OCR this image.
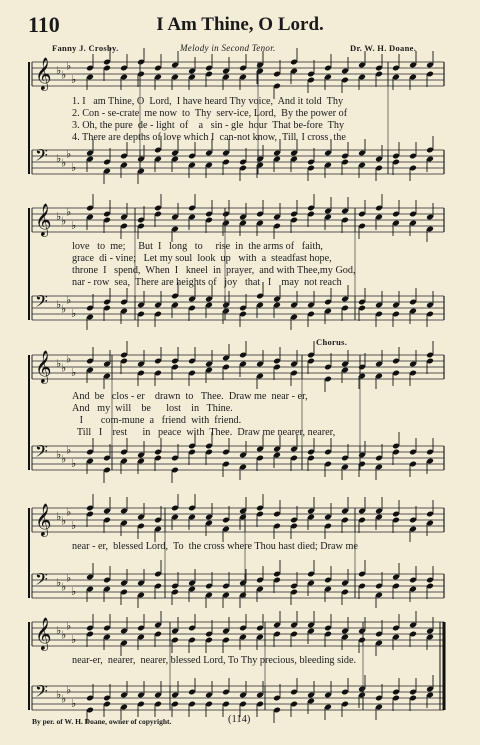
110	I Am Thine, O Lord.
Fanny J. Crosby.	Melody in Second Tenor.	Dr. W. H. Doane.
𝄞 ♭ ♭
♭
♭
𝄢 ♭ ♭
♭
♭
𝄞 ♭ ♭
♭
♭
𝄢 ♭ ♭
♭
♭
𝄞 ♭ ♭
♭
♭
𝄢 ♭ ♭
♭
♭
𝄞 ♭ ♭
♭
♭
𝄢 ♭ ♭
♭
♭
𝄞 ♭ ♭
♭
♭
𝄢 ♭ ♭
♭
♭
1. I   am Thine, O  Lord,  I have heard Thy voice,  And it told  Thy
2. Con - se-crate  me now  to  Thy  serv-ice, Lord,  By the power of
3. Oh, the pure  de - light  of    a   sin - gle  hour  That be-fore  Thy
4. There are depths of love which I  can-not know,  Till  I cross  the
love   to  me;     But  I   long   to     rise  in  the arms of   faith,
grace  di - vine;   Let my soul  look  up   with  a  steadfast hope,
throne  I   spend,  When  I   kneel  in  prayer,  and with Thee,my God,
nar - row  sea,  There are heights of   joy   that   I    may  not reach
Chorus.
And  be   clos - er    drawn  to   Thee.  Draw me  near - er,
And   my  will    be      lost    in   Thine.
I       com-mune  a   friend  with  friend.
Till   I    rest      in   peace  with  Thee.  Draw me nearer, nearer,
near - er,  blessed Lord,  To  the cross where Thou hast died; Draw me
near-er,  nearer,  nearer, blessed Lord, To Thy precious, bleeding side.
By per. of W. H. Doane, owner of copyright.	(114)
